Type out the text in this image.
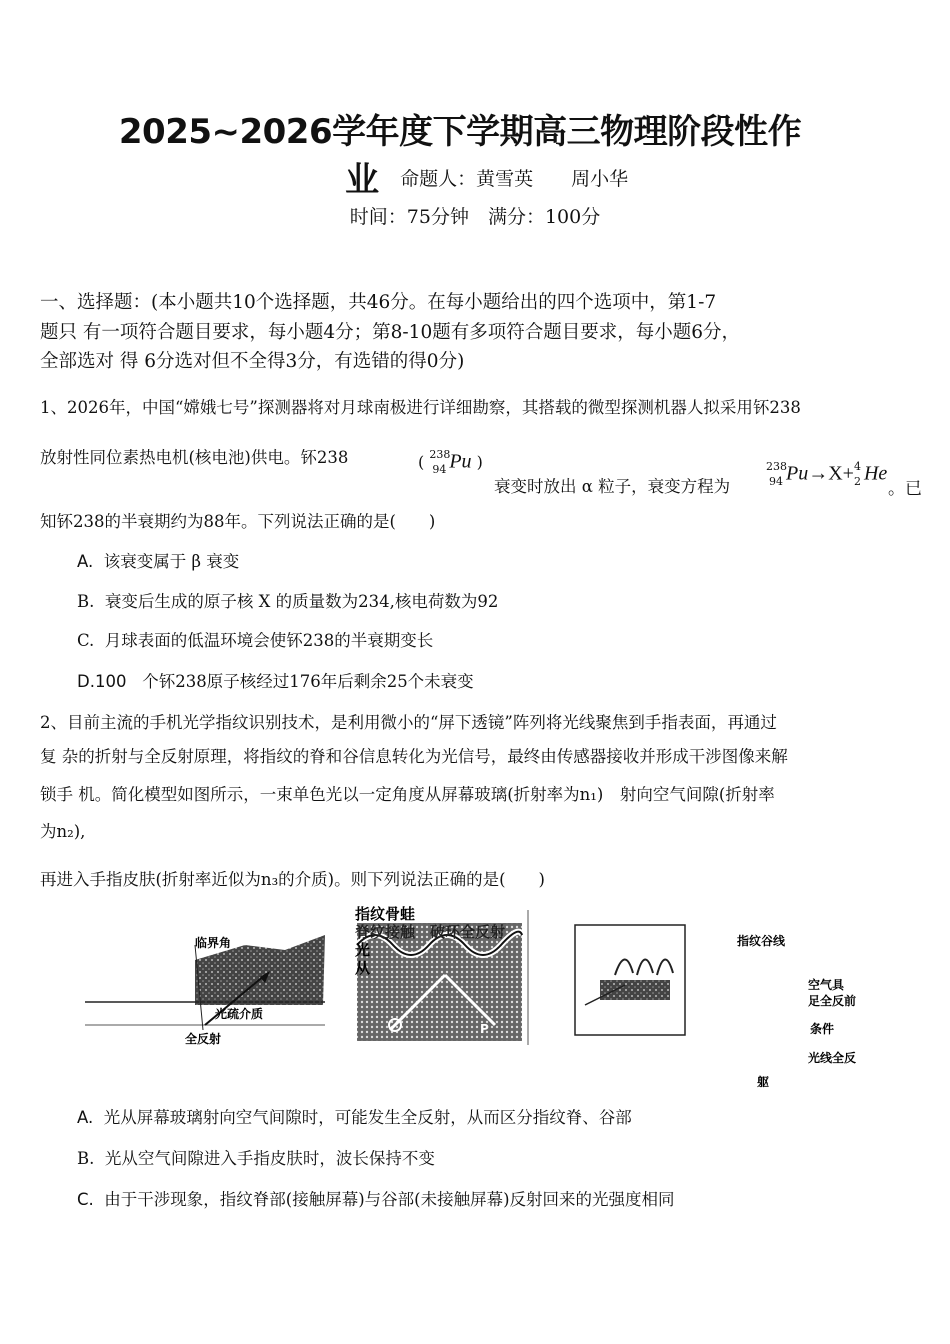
2025~2026学年度下学期高三物理阶段性作
业 命题人：黄雪英　　周小华
时间：75分钟　满分：100分
一、选择题：(本小题共10个选择题，共46分。在每小题给出的四个选项中，第1-7
题只 有一项符合题目要求，每小题4分；第8-10题有多项符合题目要求，每小题6分，
全部选对 得 6分选对但不全得3分，有选错的得0分)
1、2026年，中国“嫦娥七号”探测器将对月球南极进行详细勘察，其搭载的微型探测机器人拟采用钚238
放射性同位素热电机(核电池)供电。钚238	( 238
94 Pu )
衰变时放出 α 粒子，衰变方程为
238
94 Pu→X+ 4
2 He
。已
知钚238的半衰期约为88年。下列说法正确的是(　　)
A. 该衰变属于 β 衰变
B. 衰变后生成的原子核 X 的质量数为234,核电荷数为92
C. 月球表面的低温环境会使钚238的半衰期变长
D.100 个钚238原子核经过176年后剩余25个未衰变
2、目前主流的手机光学指纹识别技术，是利用微小的“屏下透镜”阵列将光线聚焦到手指表面，再通过
复 杂的折射与全反射原理，将指纹的脊和谷信息转化为光信号，最终由传感器接收并形成干涉图像来解
锁手 机。简化模型如图所示，一束单色光以一定角度从屏幕玻璃(折射率为n₁)　射向空气间隙(折射率
为n₂),
再进入手指皮肤(折射率近似为n₃的介质)。则下列说法正确的是(　　)
临界角
光疏介质
全反射
指纹骨蛙
脊纹接触　破环全反射
光
从
P
指纹谷线
空气具
足全反前
条件
光线全反
躯
A. 光从屏幕玻璃射向空气间隙时，可能发生全反射，从而区分指纹脊、谷部
B. 光从空气间隙进入手指皮肤时，波长保持不变
C. 由于干涉现象，指纹脊部(接触屏幕)与谷部(未接触屏幕)反射回来的光强度相同
